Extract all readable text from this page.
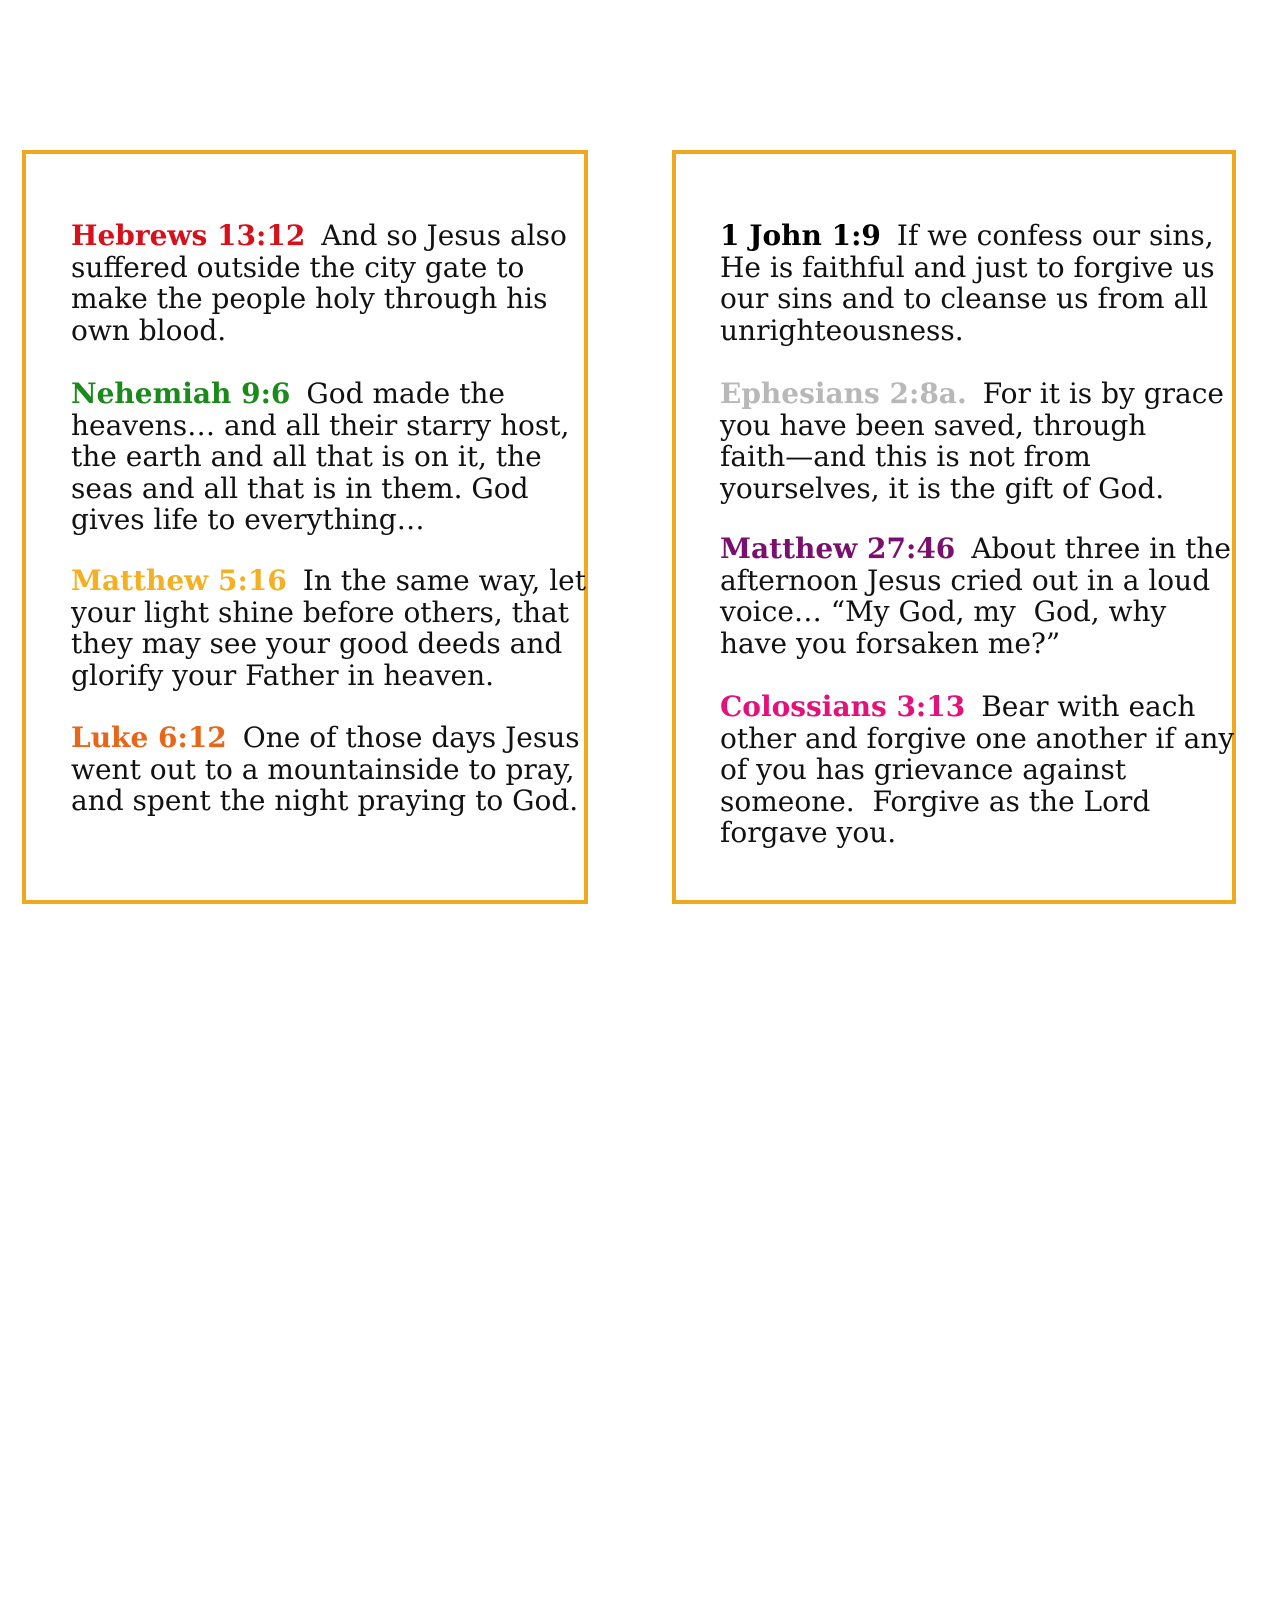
Hebrews 13:12 And so Jesus also
suffered outside the city gate to
make the people holy through his
own blood.

Nehemiah 9:6 God made the
heavens… and all their starry host,
the earth and all that is on it, the
seas and all that is in them. God
gives life to everything…

Matthew 5:16 In the same way, let
your light shine before others, that
they may see your good deeds and
glorify your Father in heaven.

Luke 6:12 One of those days Jesus
went out to a mountainside to pray,
and spent the night praying to God.

1 John 1:9 If we confess our sins,
He is faithful and just to forgive us
our sins and to cleanse us from all
unrighteousness.

Ephesians 2:8a. For it is by grace
you have been saved, through
faith—and this is not from
yourselves, it is the gift of God.

Matthew 27:46 About three in the
afternoon Jesus cried out in a loud
voice… “My God, my  God, why
have you forsaken me?”

Colossians 3:13 Bear with each
other and forgive one another if any
of you has grievance against
someone.  Forgive as the Lord
forgave you.
